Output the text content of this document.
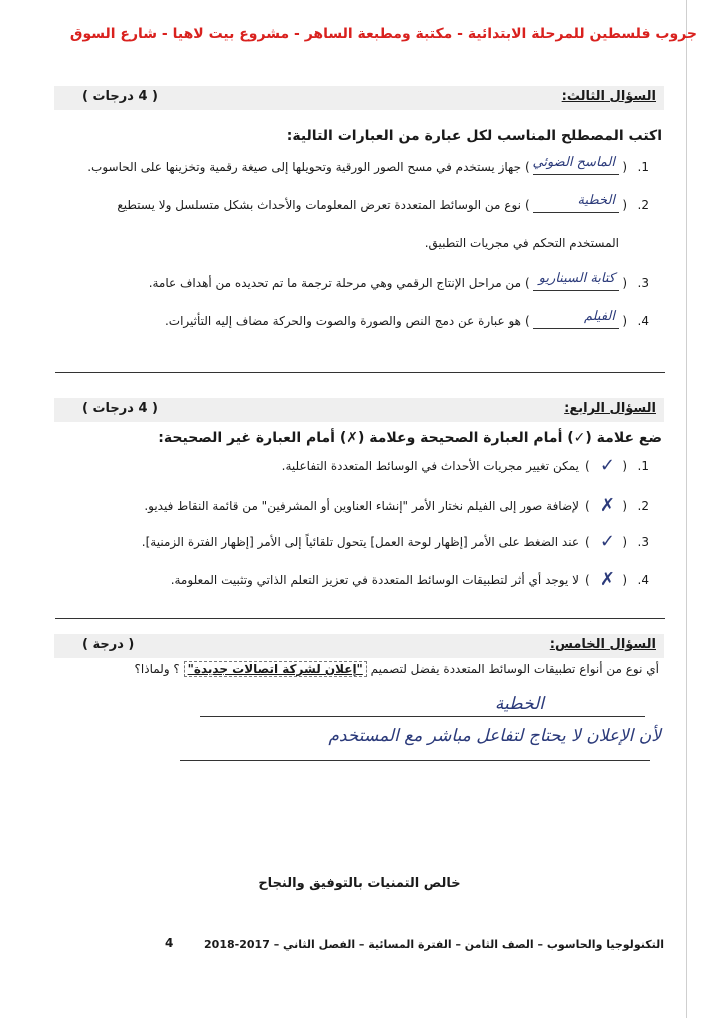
جروب فلسطين للمرحلة الابتدائية - مكتبة ومطبعة الساهر - مشروع بيت لاهيا - شارع السوق
السؤال الثالث:
( 4 درجات )
اكتب المصطلح المناسب لكل عبارة من العبارات التالية:
1.
(
الماسح الضوئي
)
جهاز يستخدم في مسح الصور الورقية وتحويلها إلى صيغة رقمية وتخزينها على الحاسوب.
2.
(
الخطية
)
نوع من الوسائط المتعددة تعرض المعلومات والأحداث بشكل متسلسل ولا يستطيع
المستخدم التحكم في مجريات التطبيق.
3.
(
كتابة السيناريو
)
من مراحل الإنتاج الرقمي وهي مرحلة ترجمة ما تم تحديده من أهداف عامة.
4.
(
الفيلم
)
هو عبارة عن دمج النص والصورة والصوت والحركة مضاف إليه التأثيرات.
السؤال الرابع:
( 4 درجات )
ضع علامة (✓) أمام العبارة الصحيحة وعلامة (✗) أمام العبارة غير الصحيحة:
1.
(
✓
)
يمكن تغيير مجريات الأحداث في الوسائط المتعددة التفاعلية.
2.
(
✗
)
لإضافة صور إلى الفيلم نختار الأمر "إنشاء العناوين أو المشرفين" من قائمة النقاط فيديو.
3.
(
✓
)
عند الضغط على الأمر [إظهار لوحة العمل] يتحول تلقائياً إلى الأمر [إظهار الفترة الزمنية].
4.
(
✗
)
لا يوجد أي أثر لتطبيقات الوسائط المتعددة في تعزيز التعلم الذاتي وتثبيت المعلومة.
السؤال الخامس:
( درجة )
أي نوع من أنواع تطبيقات الوسائط المتعددة يفضل لتصميم "إعلان لشركة اتصالات جديدة" ؟ ولماذا؟
الخطية
لأن الإعلان لا يحتاج لتفاعل مباشر مع المستخدم
خالص التمنيات بالتوفيق والنجاح
التكنولوجيا والحاسوب – الصف الثامن – الفترة المسائية – الفصل الثاني – 2017-2018
4
